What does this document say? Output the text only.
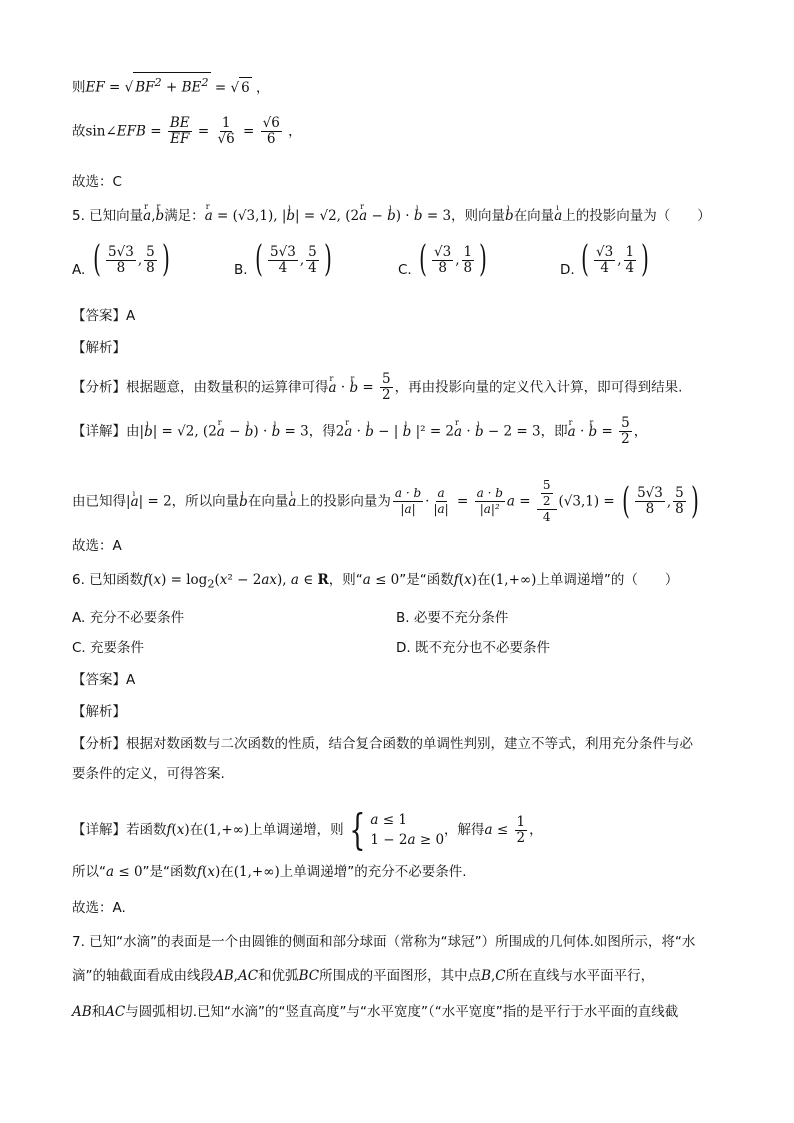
则EF = √ $BF^2 + BE^2$ = √ 6 ，
故sin∠EFB = $\frac{BE}{EF} = \frac{1}{√6} = \frac{√6}{6}$ ，
故选：C
5. 已知向量r a,r b满足：r a = (√3,1), |ı b| = √2, (2r a − ı b) · ı b = 3，则向量ı b在向量ı a上的投影向量为（　　）
A. ( $\frac{5√3}{8}$ , $\frac{5}{8}$ )	B. ( $\frac{5√3}{4}$ , $\frac{5}{4}$ )	C. ( $\frac{√3}{8}$ , $\frac{1}{8}$ )	D. ( $\frac{√3}{4}$ , $\frac{1}{4}$ )
【答案】A
【解析】
【分析】根据题意，由数量积的运算律可得r a · r $b = \frac{5}{2}$ ，再由投影向量的定义代入计算，即可得到结果.
【详解】由|ı b| = √2, (2r a − ı b) · ı b = 3，得2r a · ı b − | ı b |² = 2r a · ı b − 2 = 3，即r a · r $b = \frac{5}{2}$ ，
由已知得|ı a| = 2，所以向量ı b在向量ı a上的投影向量为 $\frac{a \cdot b}{|a|} \cdot \frac{a}{|a|} = \frac{a \cdot b}{\text{|a|²}}$ $a = \frac{\frac{5}{2}}{4} (√3,1)$ = ( $\frac{5√3}{8}$ , $\frac{5}{8}$ )
故选：A
6. 已知函数$f(x) = \log_2(x^2 - 2ax)$, a ∈ R，则“a ≤ 0”是“函数f(x)在(1,+∞)上单调递增”的（　　）
A. 充分不必要条件	B. 必要不充分条件
C. 充要条件	D. 既不充分也不必要条件
【答案】A
【解析】
【分析】根据对数函数与二次函数的性质，结合复合函数的单调性判别，建立不等式，利用充分条件与必
要条件的定义，可得答案.
【详解】若函数f(x)在(1,+∞)上单调递增，则 { a ≤ 1
1 − 2a ≥ 0
，解得$a \le \frac{1}{2}$ ，
所以“a ≤ 0”是“函数f(x)在(1,+∞)上单调递增”的充分不必要条件.
故选：A.
7. 已知“水滴”的表面是一个由圆锥的侧面和部分球面（常称为“球冠”）所围成的几何体.如图所示，将“水
滴”的轴截面看成由线段AB,AC和优弧BC所围成的平面图形，其中点B,C所在直线与水平面平行，
AB和AC与圆弧相切.已知“水滴”的“竖直高度”与“水平宽度”（“水平宽度”指的是平行于水平面的直线截
